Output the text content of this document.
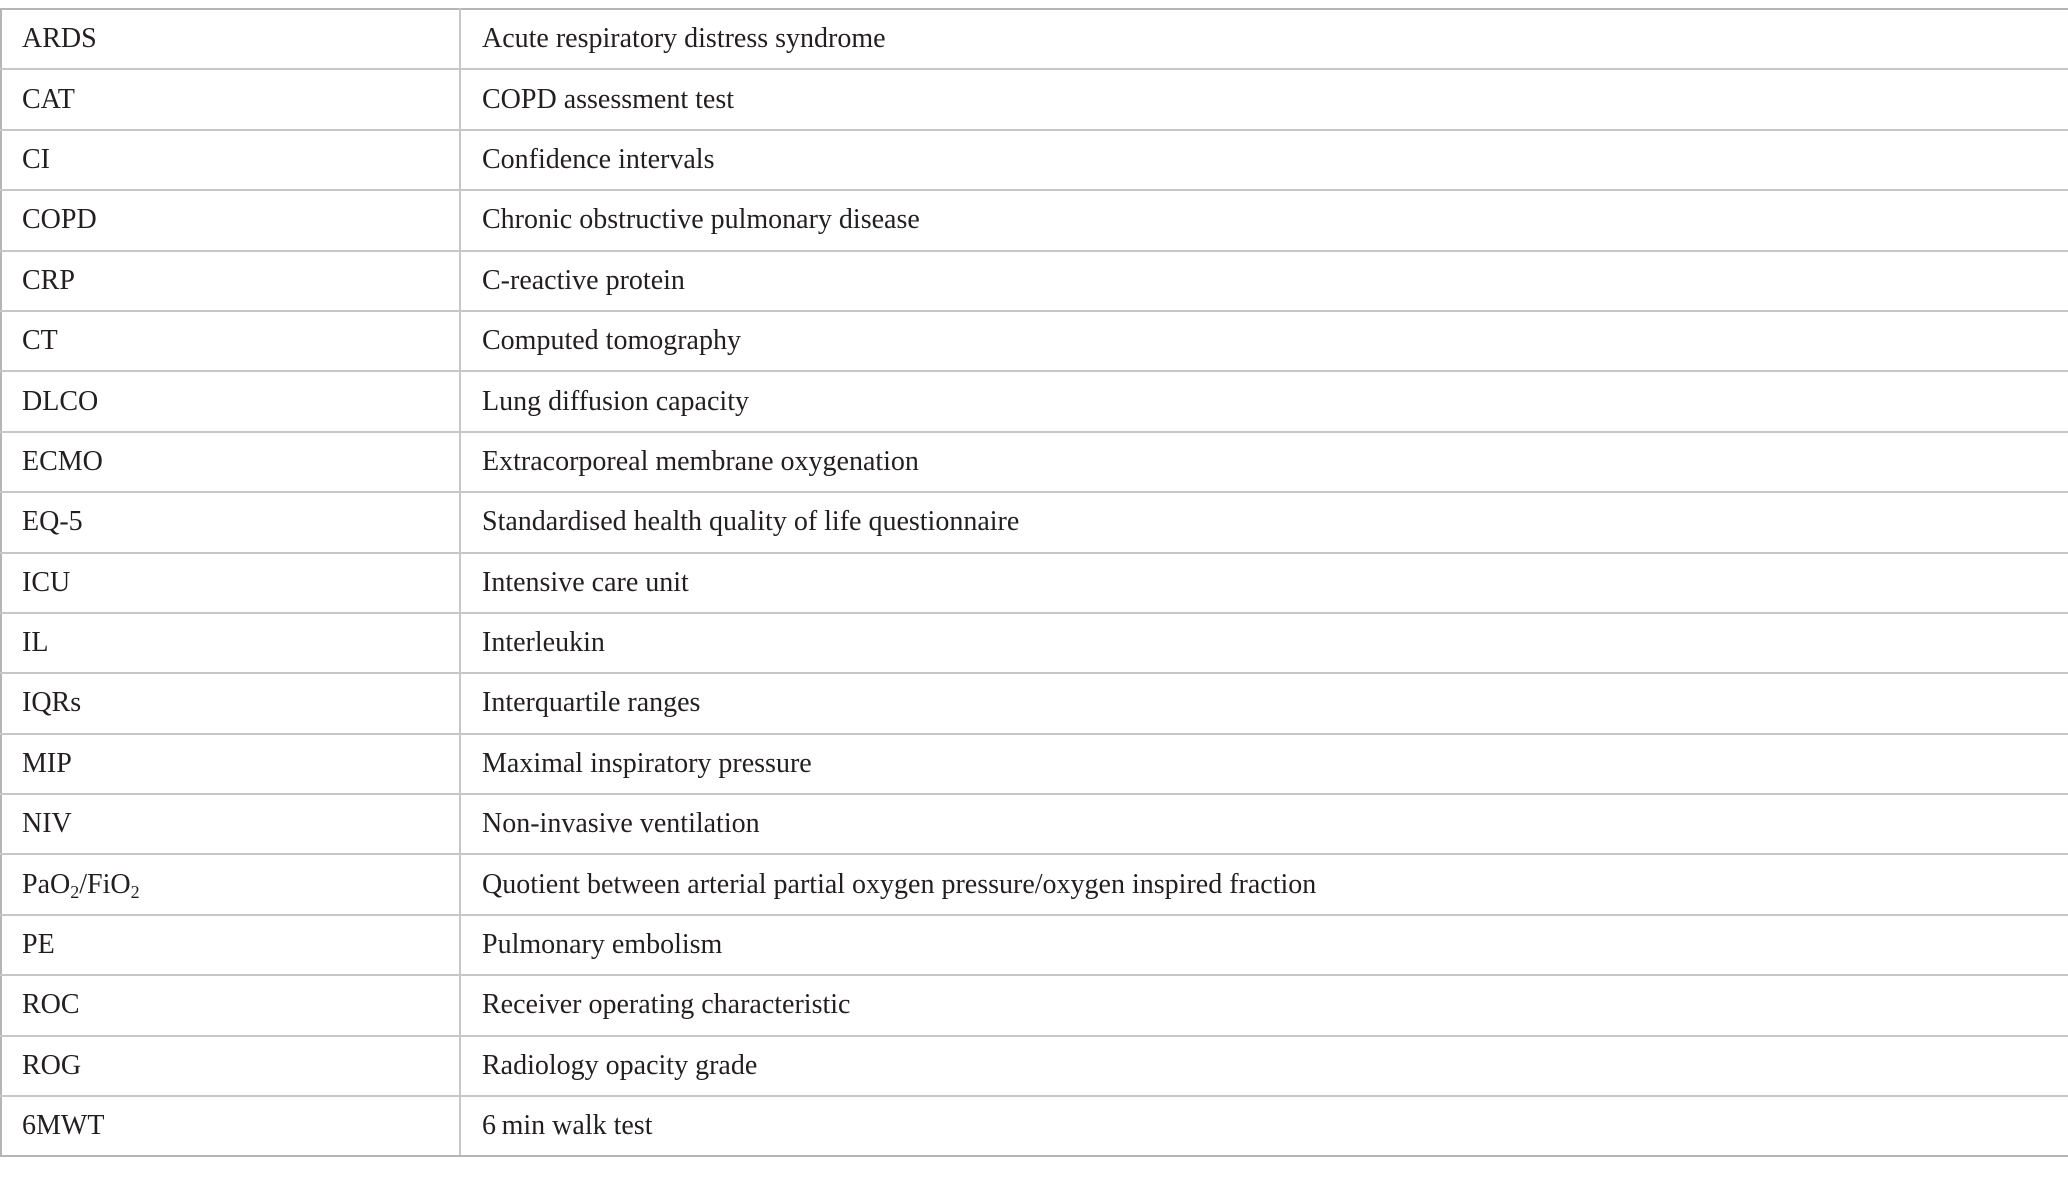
ARDS	Acute respiratory distress syndrome
CAT	COPD assessment test
CI	Confidence intervals
COPD	Chronic obstructive pulmonary disease
CRP	C-reactive protein
CT	Computed tomography
DLCO	Lung diffusion capacity
ECMO	Extracorporeal membrane oxygenation
EQ-5	Standardised health quality of life questionnaire
ICU	Intensive care unit
IL	Interleukin
IQRs	Interquartile ranges
MIP	Maximal inspiratory pressure
NIV	Non-invasive ventilation
PaO$_2$/FiO$_2$	Quotient between arterial partial oxygen pressure/oxygen inspired fraction
PE	Pulmonary embolism
ROC	Receiver operating characteristic
ROG	Radiology opacity grade
6MWT	6 min walk test
